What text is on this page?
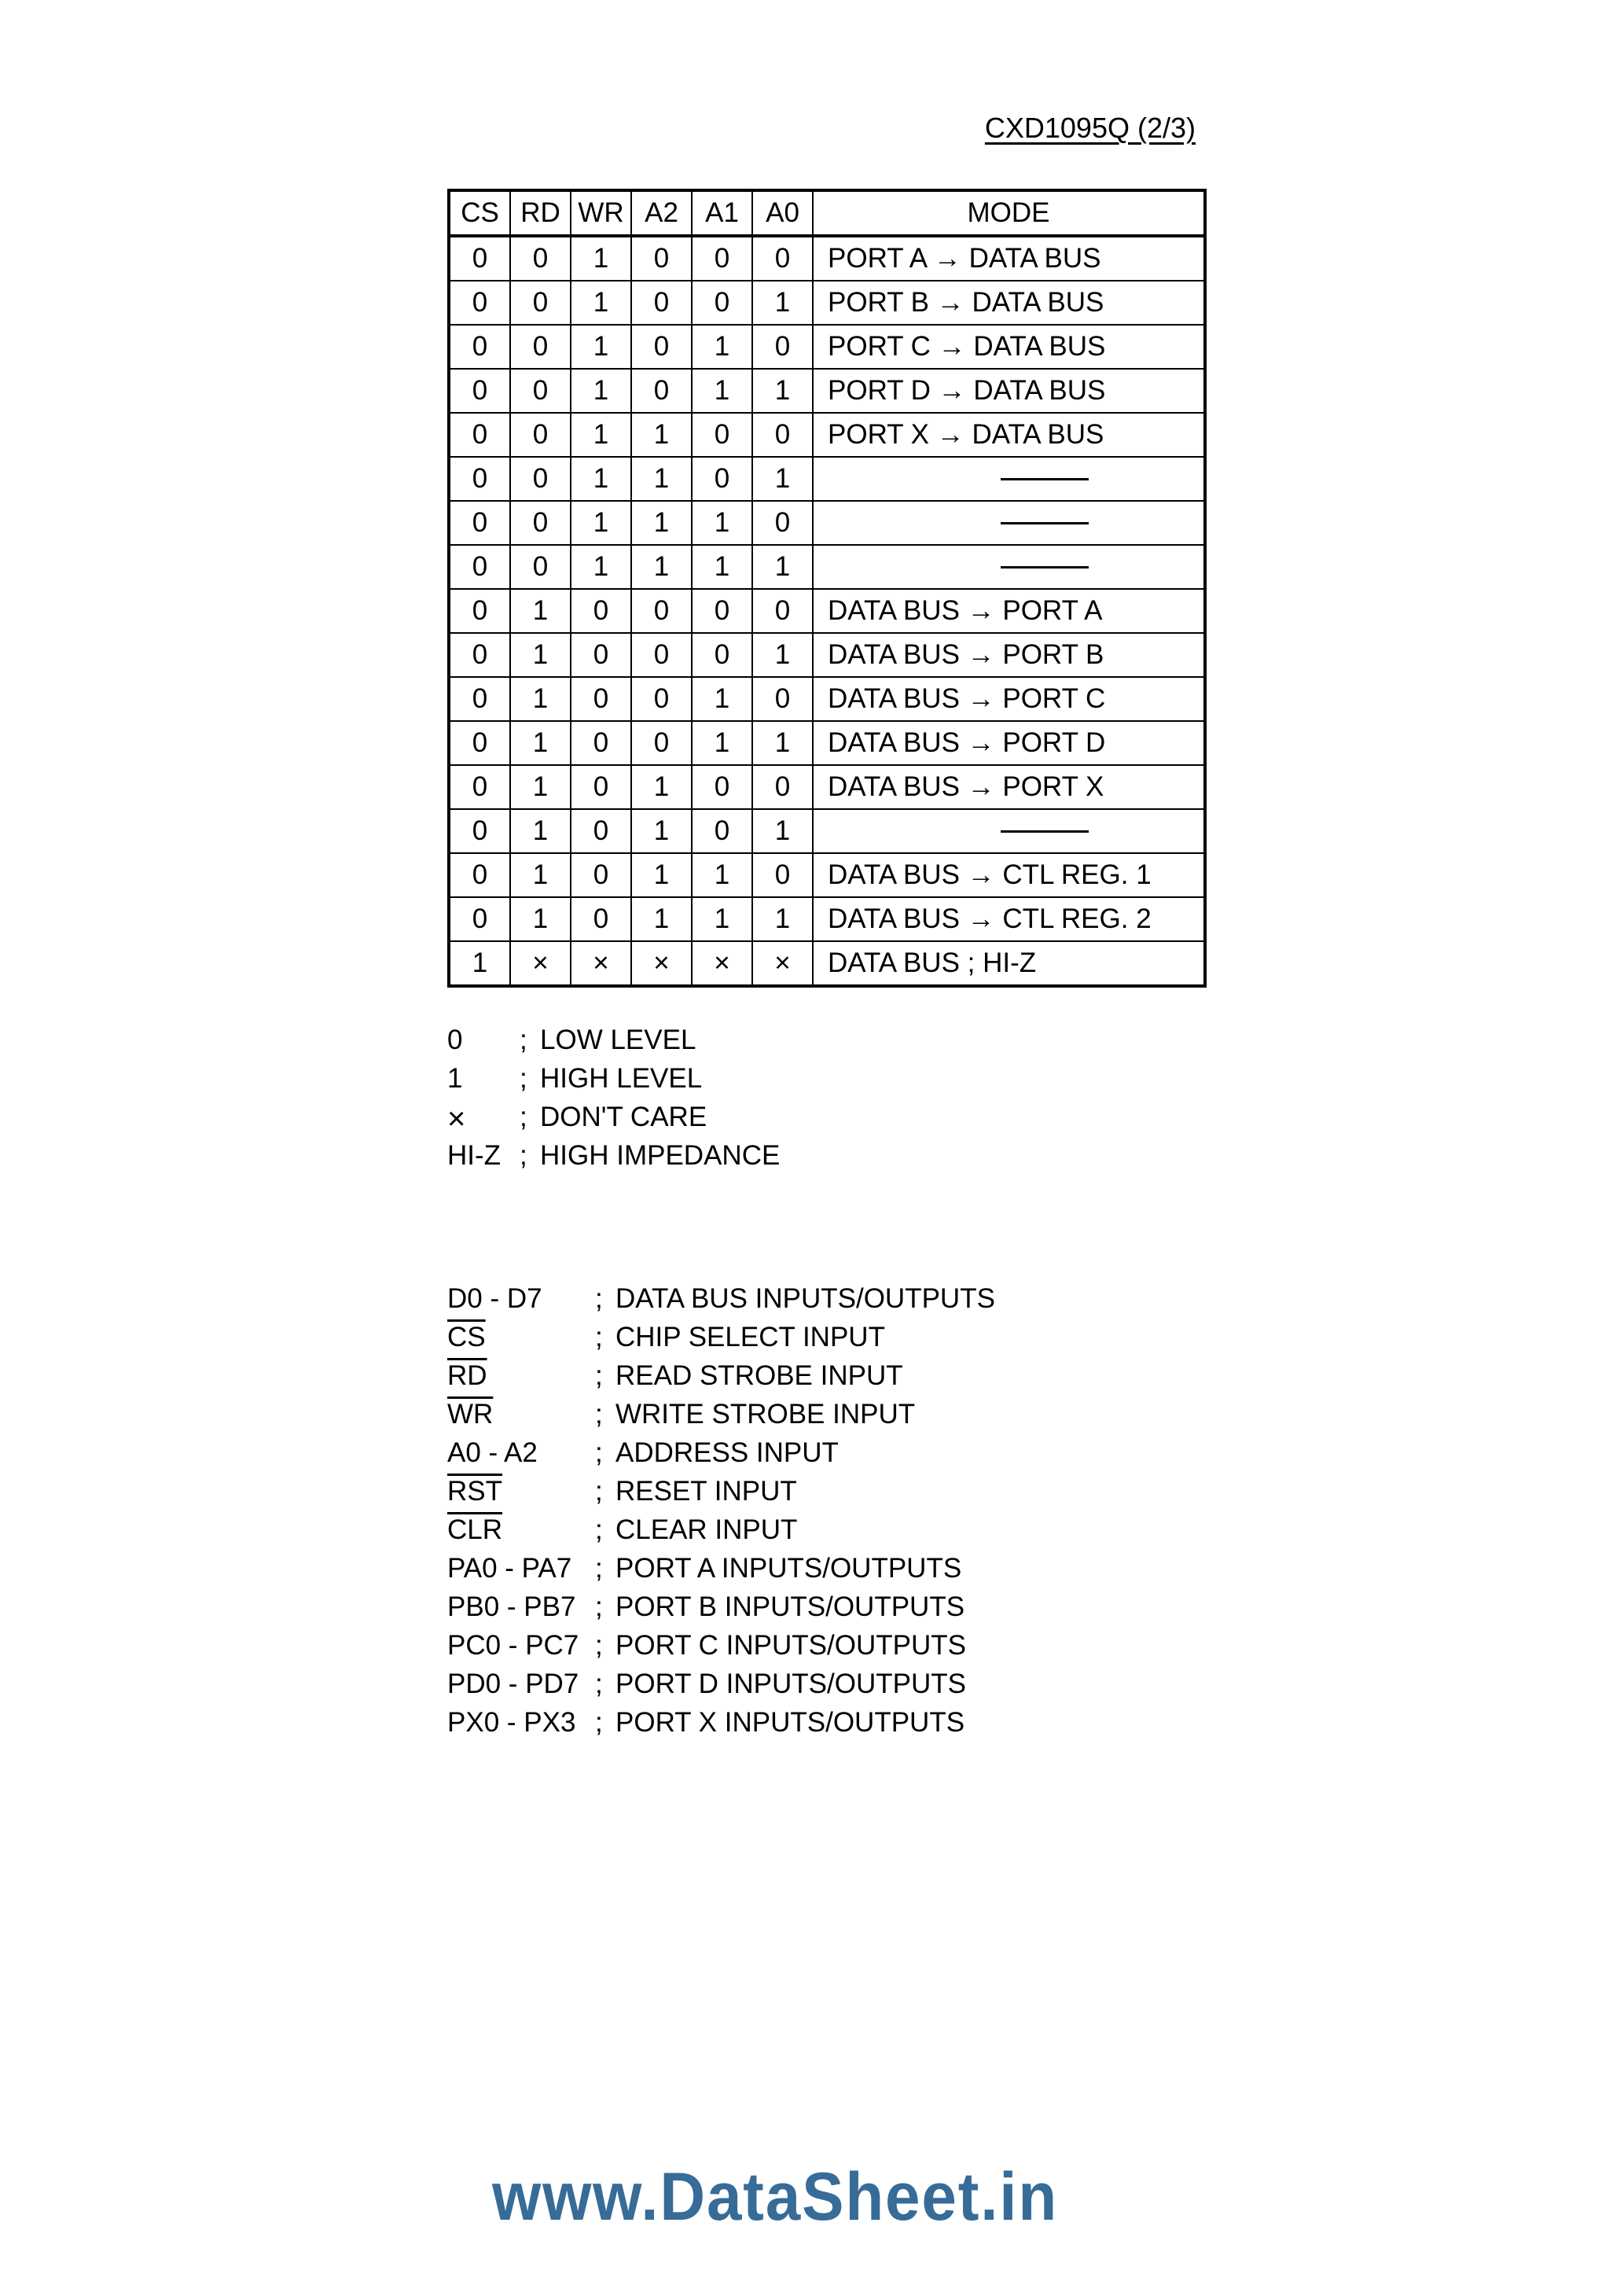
CXD1095Q (2/3)
CS	RD	WR	A2	A1	A0	MODE
0	0	1	0	0	0	PORT A → DATA BUS
0	0	1	0	0	1	PORT B → DATA BUS
0	0	1	0	1	0	PORT C → DATA BUS
0	0	1	0	1	1	PORT D → DATA BUS
0	0	1	1	0	0	PORT X → DATA BUS
0	0	1	1	0	1	

0	0	1	1	1	0	

0	0	1	1	1	1	

0	1	0	0	0	0	DATA BUS → PORT A
0	1	0	0	0	1	DATA BUS → PORT B
0	1	0	0	1	0	DATA BUS → PORT C
0	1	0	0	1	1	DATA BUS → PORT D
0	1	0	1	0	0	DATA BUS → PORT X
0	1	0	1	0	1	

0	1	0	1	1	0	DATA BUS → CTL REG. 1
0	1	0	1	1	1	DATA BUS → CTL REG. 2
1	×	×	×	×	×	DATA BUS ; HI-Z
0 ; LOW LEVEL
1 ; HIGH LEVEL
× ; DON'T CARE
HI-Z ; HIGH IMPEDANCE
D0 - D7 ; DATA BUS INPUTS/OUTPUTS
$\overline{CS}$	; CHIP SELECT INPUT
$\overline{RD}$	; READ STROBE INPUT
$\overline{WR}$	; WRITE STROBE INPUT
A0 - A2 ; ADDRESS INPUT
$\overline{RST}$	; RESET INPUT
$\overline{CLR}$	; CLEAR INPUT
PA0 - PA7 ; PORT A INPUTS/OUTPUTS
PB0 - PB7 ; PORT B INPUTS/OUTPUTS
PC0 - PC7 ; PORT C INPUTS/OUTPUTS
PD0 - PD7 ; PORT D INPUTS/OUTPUTS
PX0 - PX3 ; PORT X INPUTS/OUTPUTS
www.DataSheet.in
